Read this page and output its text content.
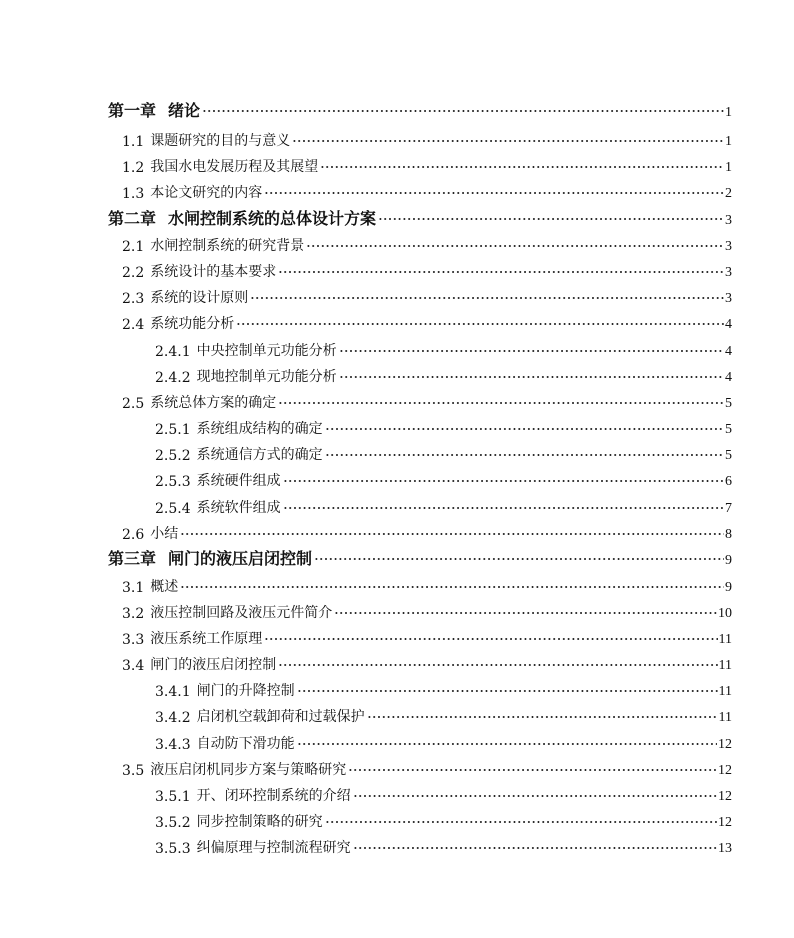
第一章 绪论	1
1.1 课题研究的目的与意义	1
1.2 我国水电发展历程及其展望	1
1.3 本论文研究的内容	2
第二章 水闸控制系统的总体设计方案	3
2.1 水闸控制系统的研究背景	3
2.2 系统设计的基本要求	3
2.3 系统的设计原则	3
2.4 系统功能分析	4
2.4.1 中央控制单元功能分析	4
2.4.2 现地控制单元功能分析	4
2.5 系统总体方案的确定	5
2.5.1 系统组成结构的确定	5
2.5.2 系统通信方式的确定	5
2.5.3 系统硬件组成	6
2.5.4 系统软件组成	7
2.6 小结	8
第三章 闸门的液压启闭控制	9
3.1 概述	9
3.2 液压控制回路及液压元件简介	10
3.3 液压系统工作原理	11
3.4 闸门的液压启闭控制	11
3.4.1 闸门的升降控制	11
3.4.2 启闭机空载卸荷和过载保护	11
3.4.3 自动防下滑功能	12
3.5 液压启闭机同步方案与策略研究	12
3.5.1 开、闭环控制系统的介绍	12
3.5.2 同步控制策略的研究	12
3.5.3 纠偏原理与控制流程研究	13
